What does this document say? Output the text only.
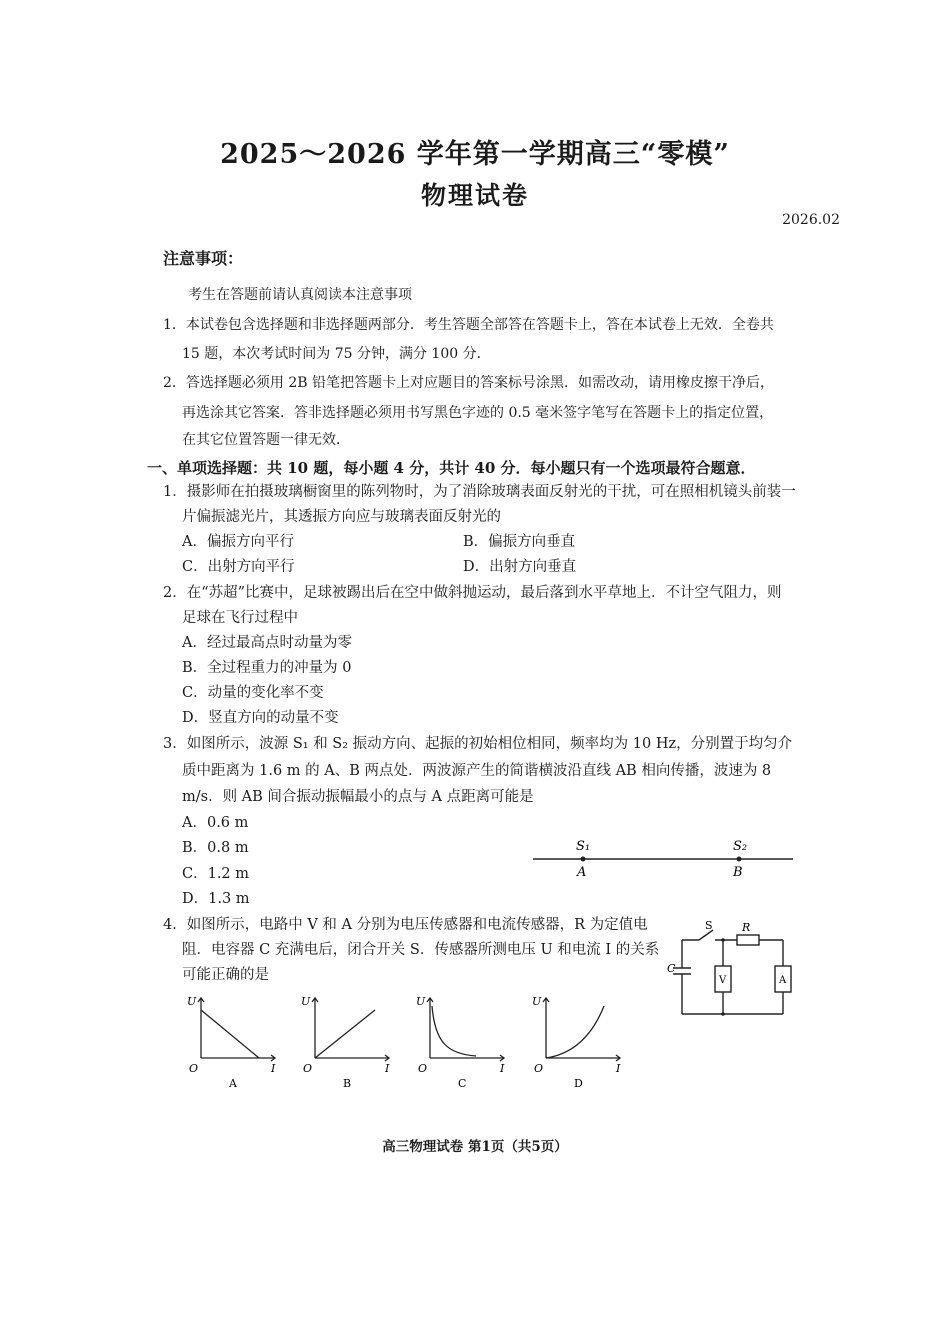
2025～2026 学年第一学期高三“零模”
物理试卷
2026.02
注意事项：
考生在答题前请认真阅读本注意事项
1．本试卷包含选择题和非选择题两部分．考生答题全部答在答题卡上，答在本试卷上无效．全卷共
15 题，本次考试时间为 75 分钟，满分 100 分．
2．答选择题必须用 2B 铅笔把答题卡上对应题目的答案标号涂黑．如需改动，请用橡皮擦干净后，
再选涂其它答案．答非选择题必须用书写黑色字迹的 0.5 毫米签字笔写在答题卡上的指定位置，
在其它位置答题一律无效．
一、单项选择题：共 10 题，每小题 4 分，共计 40 分．每小题只有一个选项最符合题意．
1．摄影师在拍摄玻璃橱窗里的陈列物时，为了消除玻璃表面反射光的干扰，可在照相机镜头前装一
片偏振滤光片，其透振方向应与玻璃表面反射光的
A．偏振方向平行	B．偏振方向垂直
C．出射方向平行	D．出射方向垂直
2．在“苏超”比赛中，足球被踢出后在空中做斜抛运动，最后落到水平草地上．不计空气阻力，则
足球在飞行过程中
A．经过最高点时动量为零
B．全过程重力的冲量为 0
C．动量的变化率不变
D．竖直方向的动量不变
3．如图所示，波源 S₁ 和 S₂ 振动方向、起振的初始相位相同，频率均为 10 Hz，分别置于均匀介
质中距离为 1.6 m 的 A、B 两点处．两波源产生的简谐横波沿直线 AB 相向传播，波速为 8
m/s．则 AB 间合振动振幅最小的点与 A 点距离可能是
A．0.6 m
B．0.8 m
C．1.2 m
D．1.3 m
S₁	S₂
A	B
4．如图所示，电路中 V 和 A 分别为电压传感器和电流传感器，R 为定值电
阻．电容器 C 充满电后，闭合开关 S．传感器所测电压 U 和电流 I 的关系
可能正确的是
S	R
C
V	A
U
O	I
A
U
O	I
B
U
O	I
C
U
O	I
D
高三物理试卷 第1页（共5页）
